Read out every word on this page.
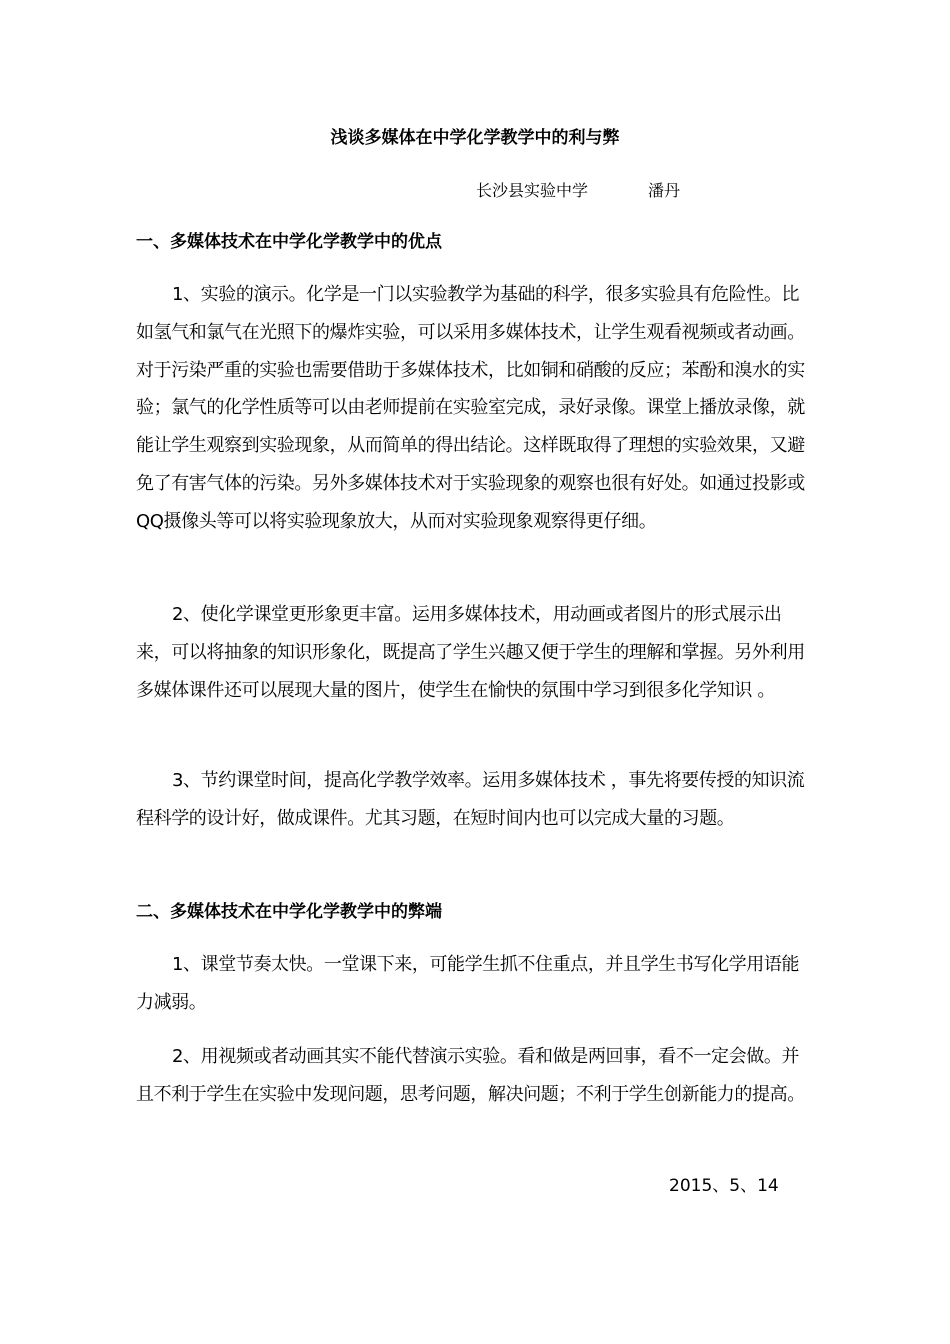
浅谈多媒体在中学化学教学中的利与弊
长沙县实验中学	潘丹
一、多媒体技术在中学化学教学中的优点
1、实验的演示。化学是一门以实验教学为基础的科学，很多实验具有危险性。比如氢气和氯气在光照下的爆炸实验，可以采用多媒体技术，让学生观看视频或者动画。对于污染严重的实验也需要借助于多媒体技术，比如铜和硝酸的反应；苯酚和溴水的实验；氯气的化学性质等可以由老师提前在实验室完成，录好录像。课堂上播放录像，就能让学生观察到实验现象，从而简单的得出结论。这样既取得了理想的实验效果，又避免了有害气体的污染。另外多媒体技术对于实验现象的观察也很有好处。如通过投影或QQ摄像头等可以将实验现象放大，从而对实验现象观察得更仔细。
2、使化学课堂更形象更丰富。运用多媒体技术，用动画或者图片的形式展示出来，可以将抽象的知识形象化，既提高了学生兴趣又便于学生的理解和掌握。另外利用多媒体课件还可以展现大量的图片，使学生在愉快的氛围中学习到很多化学知识 。
3、节约课堂时间，提高化学教学效率。运用多媒体技术 ，事先将要传授的知识流程科学的设计好，做成课件。尤其习题，在短时间内也可以完成大量的习题。
二、多媒体技术在中学化学教学中的弊端
1、课堂节奏太快。一堂课下来，可能学生抓不住重点，并且学生书写化学用语能力减弱。
2、用视频或者动画其实不能代替演示实验。看和做是两回事，看不一定会做。并且不利于学生在实验中发现问题，思考问题，解决问题；不利于学生创新能力的提高。
2015、5、14
